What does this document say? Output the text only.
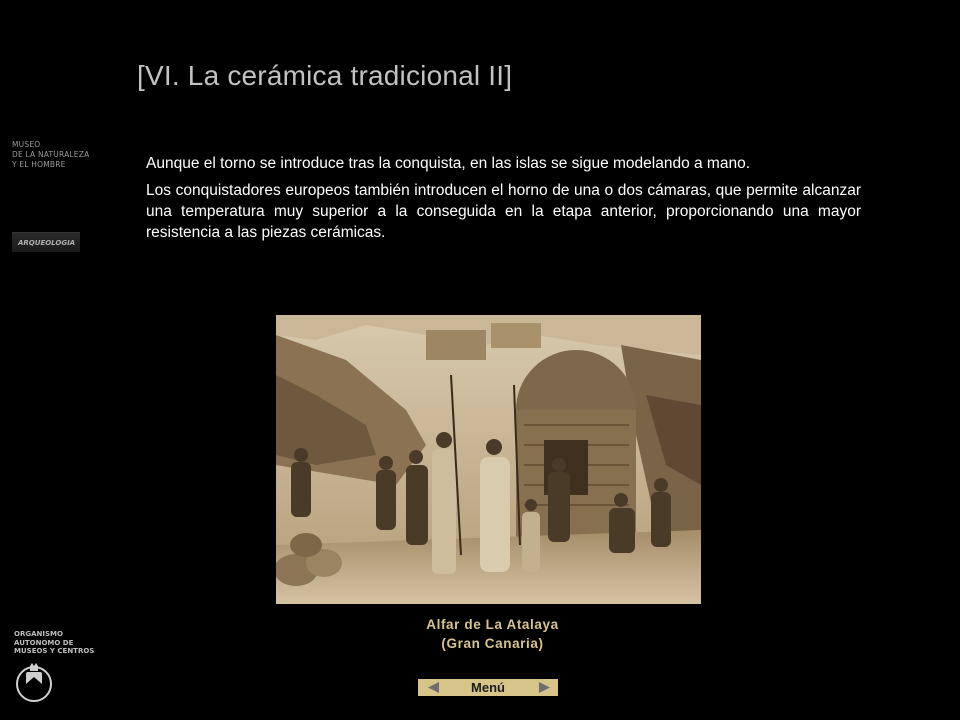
MUSEO
DE LA NATURALEZA
Y EL HOMBRE
ARQUEOLOGIA
ORGANISMO
AUTONOMO DE
MUSEOS Y CENTROS
[VI. La cerámica tradicional II]

Aunque el torno se introduce tras la conquista, en las islas se sigue modelando a mano.

Los conquistadores europeos también introducen el horno de una o dos cámaras, que permite alcanzar una temperatura muy superior a la conseguida en la etapa anterior, proporcionando una mayor resistencia a las piezas cerámicas.

Alfar de La Atalaya
(Gran Canaria)
Menú
